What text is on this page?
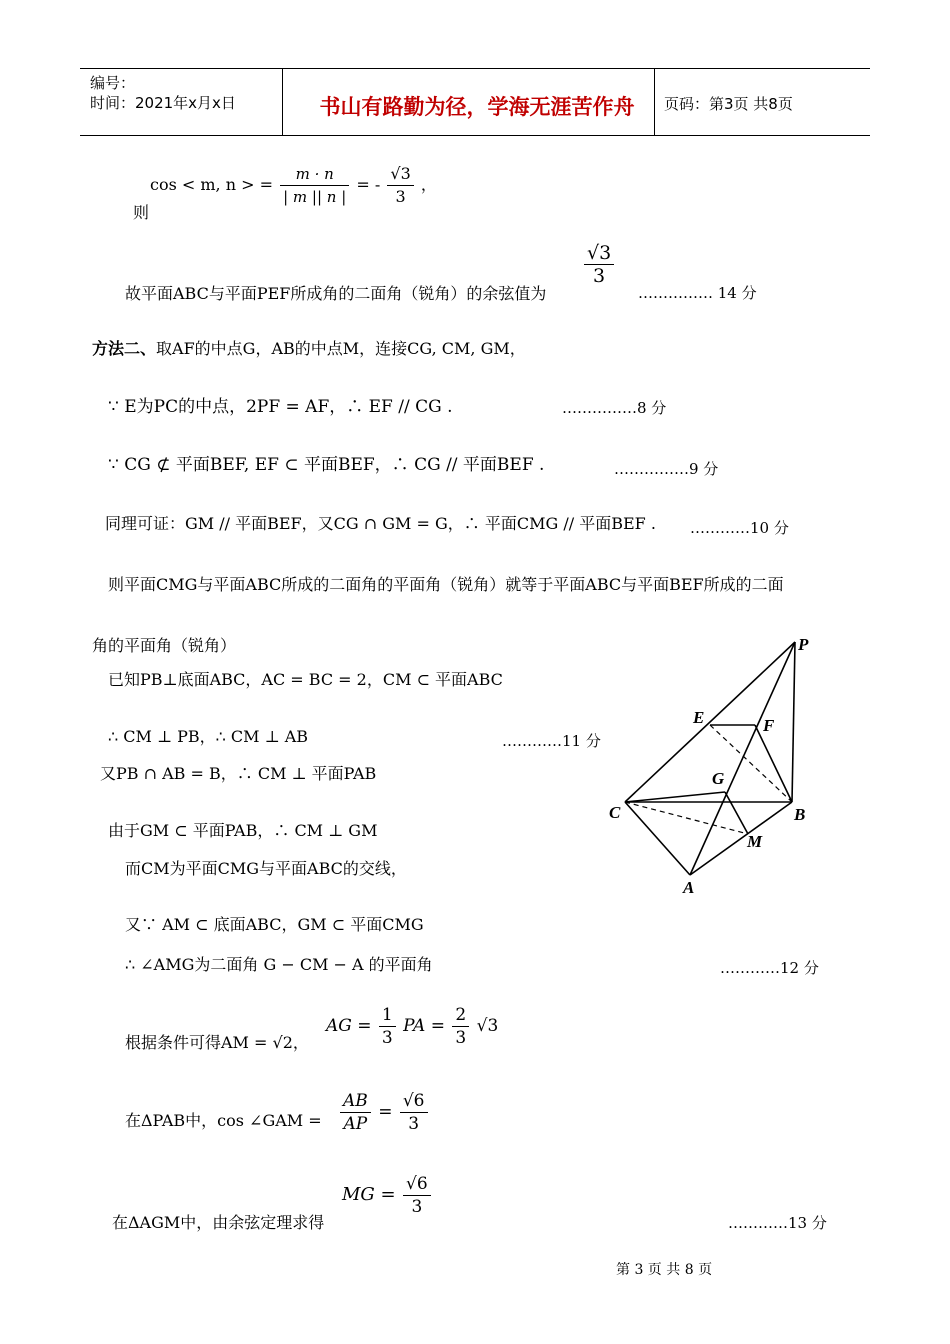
编号：
时间：2021年x月x日	书山有路勤为径，学海无涯苦作舟	页码：第3页 共8页
则
cos < m, n > = $\frac{m \cdot n}{| m || n |}$ = - $\frac{√3}{3}$ ，
故平面ABC与平面PEF所成角的二面角（锐角）的余弦值为
$\frac{√3}{3}$
…………… 14 分
方法二、取AF的中点G，AB的中点M，连接CG, CM, GM，
∵ E为PC的中点，2PF = AF，∴ EF // CG .	……………8 分
∵ CG ⊄ 平面BEF, EF ⊂ 平面BEF，∴ CG // 平面BEF .	……………9 分
同理可证：GM // 平面BEF，又CG ∩ GM = G，∴ 平面CMG // 平面BEF . …………10 分
则平面CMG与平面ABC所成的二面角的平面角（锐角）就等于平面ABC与平面BEF所成的二面
角的平面角（锐角）
已知PB⊥底面ABC，AC = BC = 2，CM ⊂ 平面ABC
∴ CM ⊥ PB，∴ CM ⊥ AB	…………11 分
又PB ∩ AB = B，∴ CM ⊥ 平面PAB
由于GM ⊂ 平面PAB，∴ CM ⊥ GM
而CM为平面CMG与平面ABC的交线，
又∵ AM ⊂ 底面ABC，GM ⊂ 平面CMG
∴ ∠AMG为二面角 G − CM − A 的平面角	…………12 分
根据条件可得AM = √2，
AG = $\frac{1}{3}$ PA = $\frac{2}{3} √3$
在ΔPAB中，cos ∠GAM = $\frac{AB}{AP} = \frac{√6}{3}$
在ΔAGM中，由余弦定理求得
MG = $\frac{√6}{3}$
…………13 分
P
E	F
G
C	B
M
A
第 3 页 共 8 页
